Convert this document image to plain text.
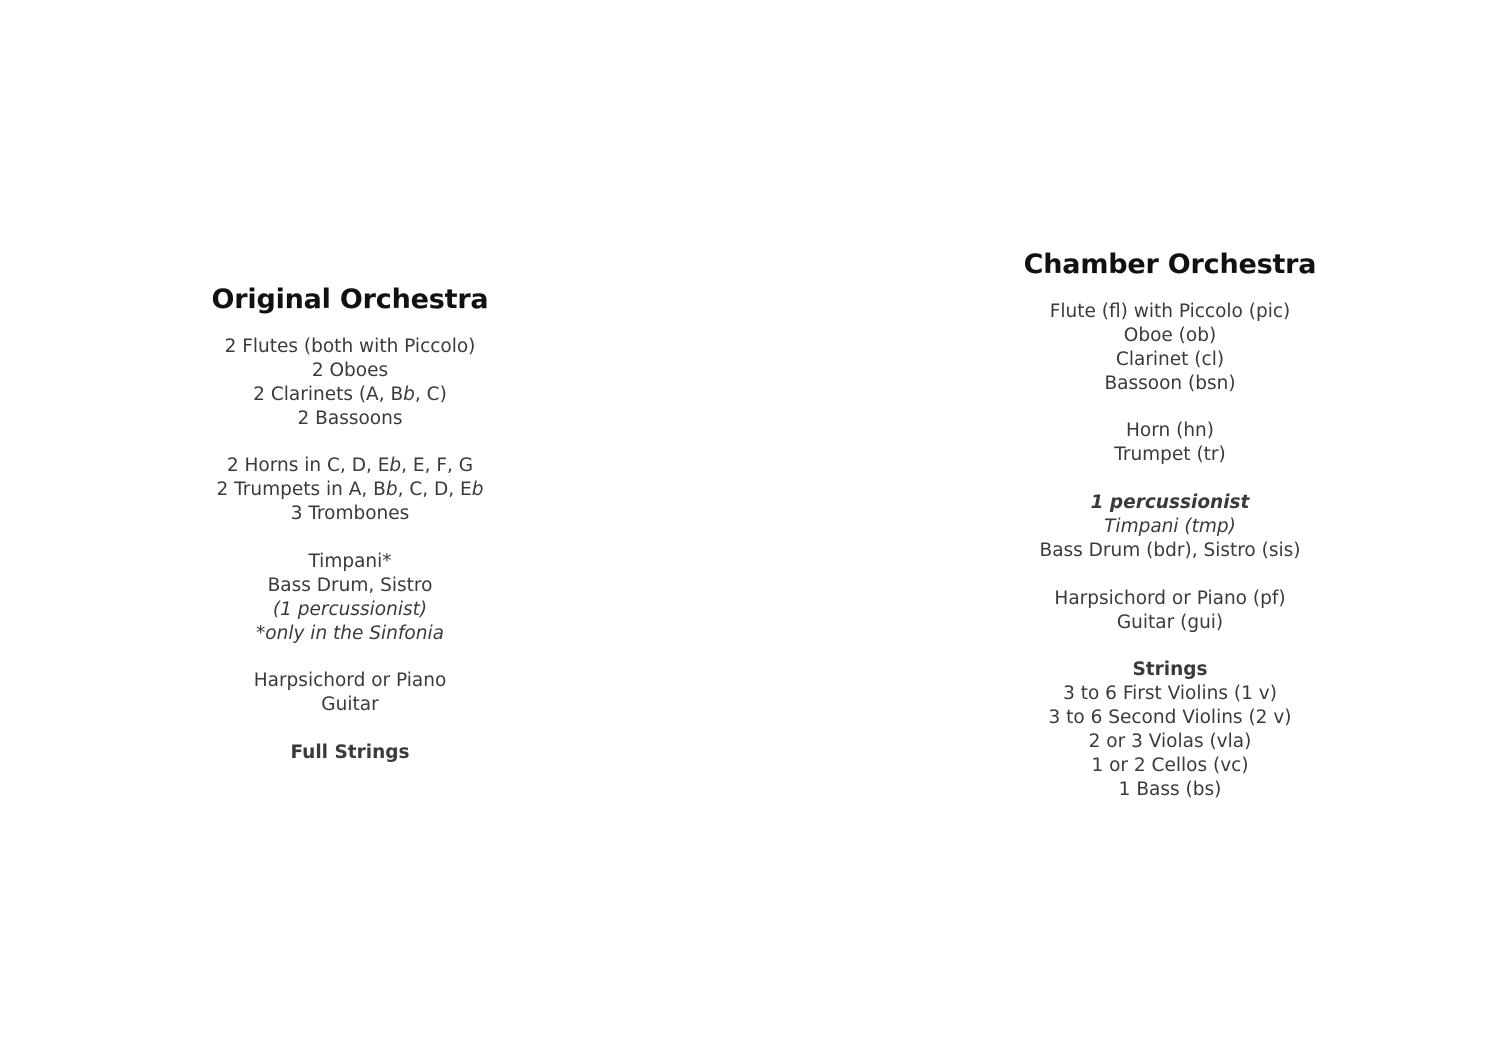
Original Orchestra
2 Flutes (both with Piccolo)
2 Oboes
2 Clarinets (A, Bb, C)
2 Bassoons
2 Horns in C, D, Eb, E, F, G
2 Trumpets in A, Bb, C, D, Eb
3 Trombones
Timpani*
Bass Drum, Sistro
(1 percussionist)
*only in the Sinfonia
Harpsichord or Piano
Guitar
Full Strings
Chamber Orchestra
Flute (fl) with Piccolo (pic)
Oboe (ob)
Clarinet (cl)
Bassoon (bsn)
Horn (hn)
Trumpet (tr)
1 percussionist
Timpani (tmp)
Bass Drum (bdr), Sistro (sis)
Harpsichord or Piano (pf)
Guitar (gui)
Strings
3 to 6 First Violins (1 v)
3 to 6 Second Violins (2 v)
2 or 3 Violas (vla)
1 or 2 Cellos (vc)
1 Bass (bs)
